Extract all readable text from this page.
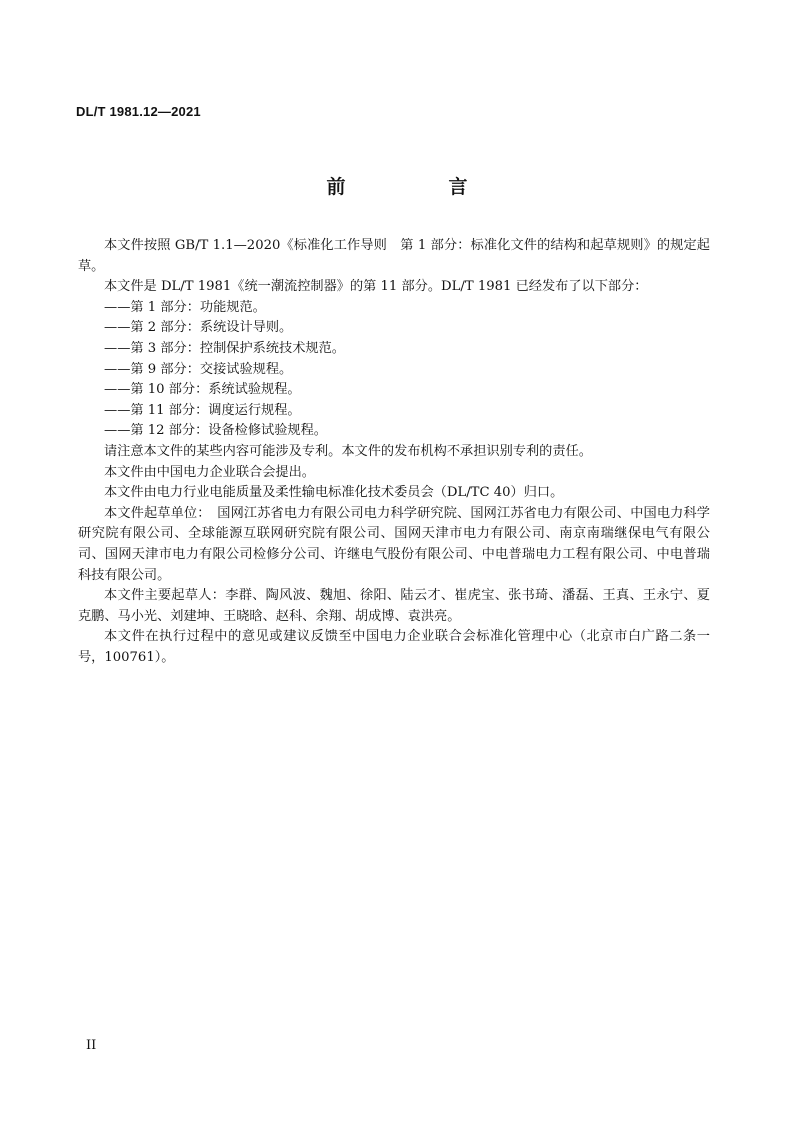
DL/T 1981.12—2021
前　言

本文件按照 GB/T 1.1—2020《标准化工作导则　第 1 部分：标准化文件的结构和起草规则》的规定起草。

本文件是 DL/T 1981《统一潮流控制器》的第 11 部分。DL/T 1981 已经发布了以下部分：

——第 1 部分：功能规范。

——第 2 部分：系统设计导则。

——第 3 部分：控制保护系统技术规范。

——第 9 部分：交接试验规程。

——第 10 部分：系统试验规程。

——第 11 部分：调度运行规程。

——第 12 部分：设备检修试验规程。

请注意本文件的某些内容可能涉及专利。本文件的发布机构不承担识别专利的责任。

本文件由中国电力企业联合会提出。

本文件由电力行业电能质量及柔性输电标准化技术委员会（DL/TC 40）归口。

本文件起草单位：　国网江苏省电力有限公司电力科学研究院、国网江苏省电力有限公司、中国电力科学研究院有限公司、全球能源互联网研究院有限公司、国网天津市电力有限公司、南京南瑞继保电气有限公司、国网天津市电力有限公司检修分公司、许继电气股份有限公司、中电普瑞电力工程有限公司、中电普瑞科技有限公司。

本文件主要起草人：李群、陶风波、魏旭、徐阳、陆云才、崔虎宝、张书琦、潘磊、王真、王永宁、夏克鹏、马小光、刘建坤、王晓晗、赵科、余翔、胡成博、袁洪亮。

本文件在执行过程中的意见或建议反馈至中国电力企业联合会标准化管理中心（北京市白广路二条一号，100761）。

II
